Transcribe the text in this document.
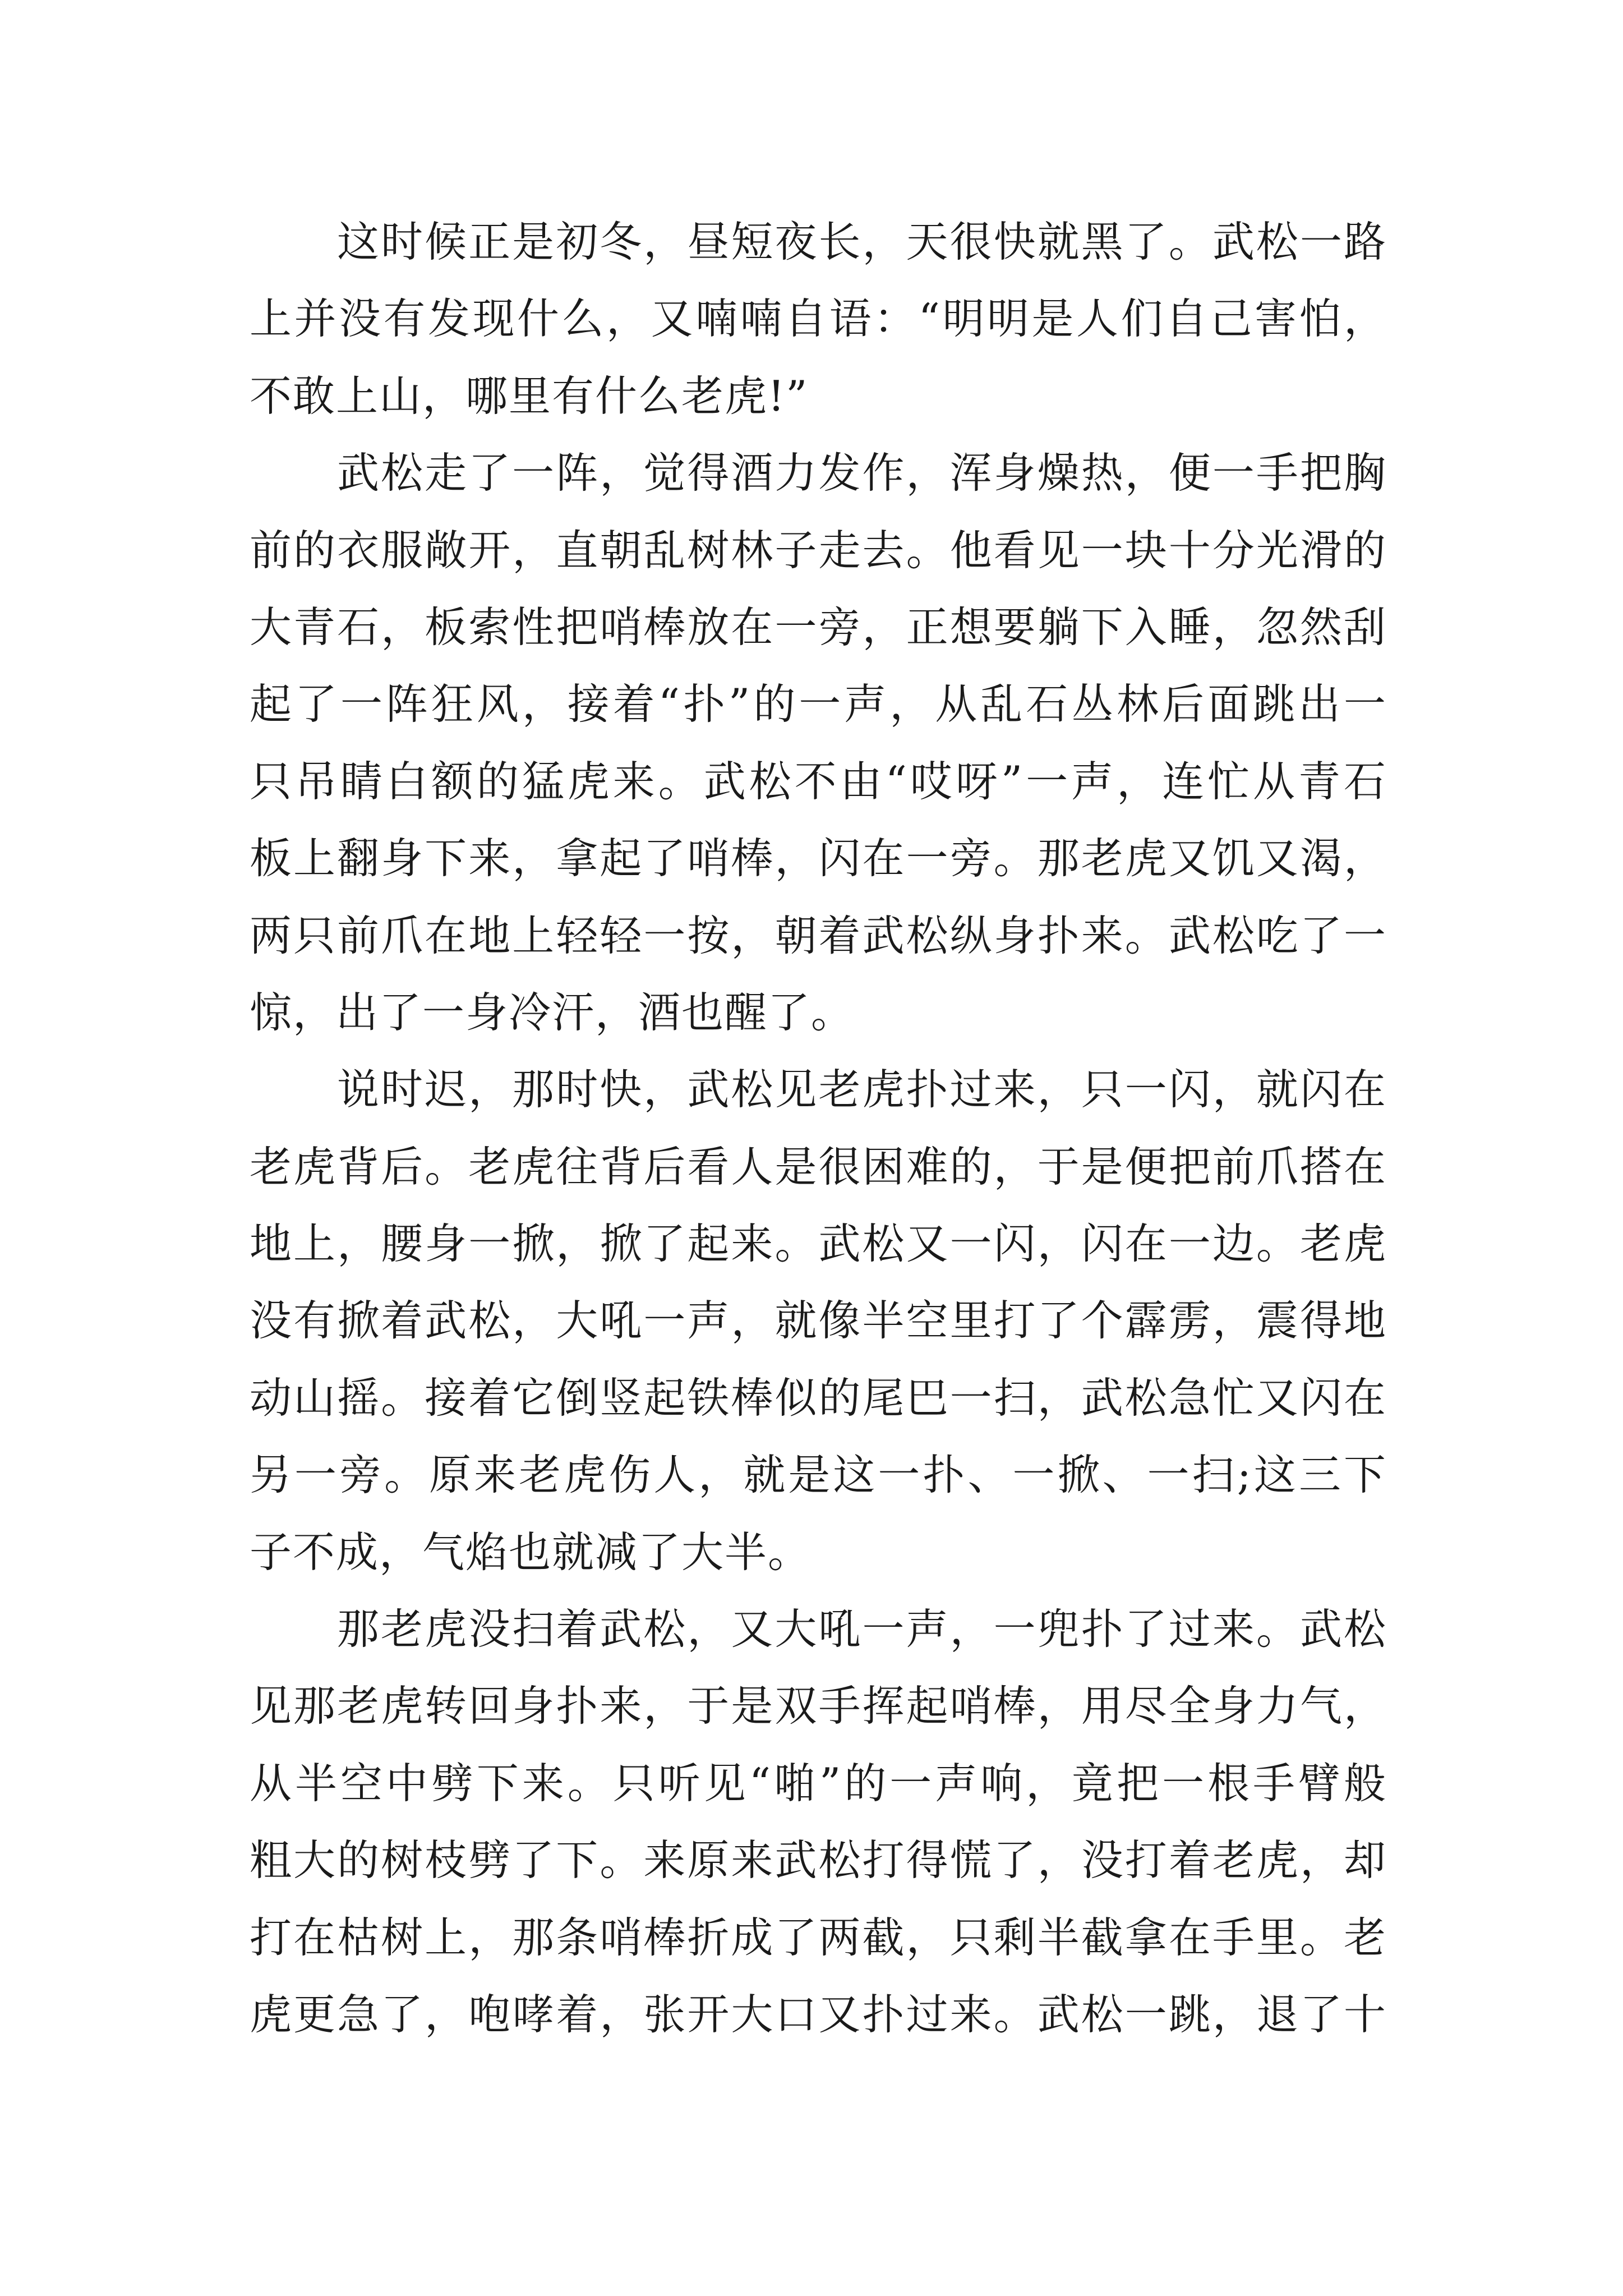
这时候正是初冬，昼短夜长，天很快就黑了。武松一路
上并没有发现什么，又喃喃自语：“明明是人们自己害怕，
不敢上山，哪里有什么老虎!”
武松走了一阵，觉得酒力发作，浑身燥热，便一手把胸
前的衣服敞开，直朝乱树林子走去。他看见一块十分光滑的
大青石，板索性把哨棒放在一旁，正想要躺下入睡，忽然刮
起了一阵狂风，接着“扑”的一声，从乱石丛林后面跳出一
只吊睛白额的猛虎来。武松不由“哎呀”一声，连忙从青石
板上翻身下来，拿起了哨棒，闪在一旁。那老虎又饥又渴，
两只前爪在地上轻轻一按，朝着武松纵身扑来。武松吃了一
惊，出了一身冷汗，酒也醒了。
说时迟，那时快，武松见老虎扑过来，只一闪，就闪在
老虎背后。老虎往背后看人是很困难的，于是便把前爪搭在
地上，腰身一掀，掀了起来。武松又一闪，闪在一边。老虎
没有掀着武松，大吼一声，就像半空里打了个霹雳，震得地
动山摇。接着它倒竖起铁棒似的尾巴一扫，武松急忙又闪在
另一旁。原来老虎伤人，就是这一扑、一掀、一扫;这三下
子不成，气焰也就减了大半。
那老虎没扫着武松，又大吼一声，一兜扑了过来。武松
见那老虎转回身扑来，于是双手挥起哨棒，用尽全身力气，
从半空中劈下来。只听见“啪”的一声响，竟把一根手臂般
粗大的树枝劈了下。来原来武松打得慌了，没打着老虎，却
打在枯树上，那条哨棒折成了两截，只剩半截拿在手里。老
虎更急了，咆哮着，张开大口又扑过来。武松一跳，退了十
